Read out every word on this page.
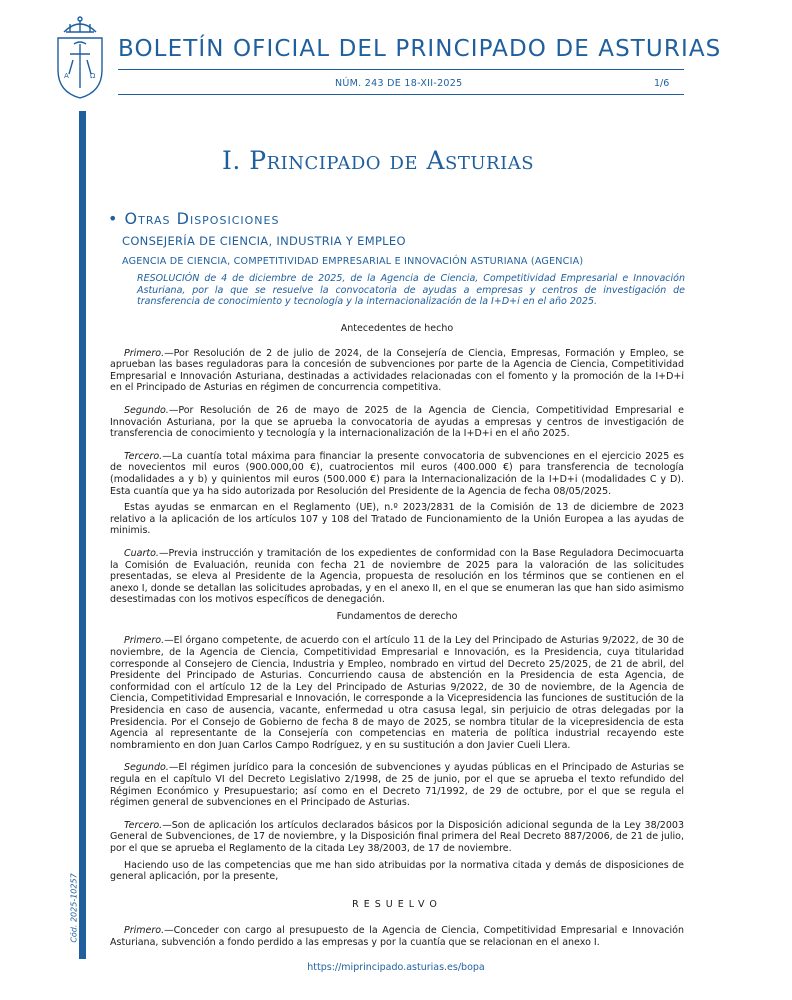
A	Ω
BOLETÍN OFICIAL DEL PRINCIPADO DE ASTURIAS
NÚM. 243 DE 18-XII-2025	1/6
Cód. 2025-10257
I. Principado de Asturias
• Otras Disposiciones
CONSEJERÍA DE CIENCIA, INDUSTRIA Y EMPLEO
AGENCIA DE CIENCIA, COMPETITIVIDAD EMPRESARIAL E INNOVACIÓN ASTURIANA (AGENCIA)

RESOLUCIÓN de 4 de diciembre de 2025, de la Agencia de Ciencia, Competitividad Empresarial e Innovación Asturiana, por la que se resuelve la convocatoria de ayudas a empresas y centros de investigación de transferencia de conocimiento y tecnología y la internacionalización de la I+D+i en el año 2025.

Antecedentes de hecho

Primero.—Por Resolución de 2 de julio de 2024, de la Consejería de Ciencia, Empresas, Formación y Empleo, se aprueban las bases reguladoras para la concesión de subvenciones por parte de la Agencia de Ciencia, Competitividad Empresarial e Innovación Asturiana, destinadas a actividades relacionadas con el fomento y la promoción de la I+D+i en el Principado de Asturias en régimen de concurrencia competitiva.

Segundo.—Por Resolución de 26 de mayo de 2025 de la Agencia de Ciencia, Competitividad Empresarial e Innovación Asturiana, por la que se aprueba la convocatoria de ayudas a empresas y centros de investigación de transferencia de conocimiento y tecnología y la internacionalización de la I+D+i en el año 2025.

Tercero.—La cuantía total máxima para financiar la presente convocatoria de subvenciones en el ejercicio 2025 es de novecientos mil euros (900.000,00 €), cuatrocientos mil euros (400.000 €) para transferencia de tecnología (modalidades a y b) y quinientos mil euros (500.000 €) para la Internacionalización de la I+D+i (modalidades C y D). Esta cuantía que ya ha sido autorizada por Resolución del Presidente de la Agencia de fecha 08/05/2025.

Estas ayudas se enmarcan en el Reglamento (UE), n.º 2023/2831 de la Comisión de 13 de diciembre de 2023 relativo a la aplicación de los artículos 107 y 108 del Tratado de Funcionamiento de la Unión Europea a las ayudas de minimis.

Cuarto.—Previa instrucción y tramitación de los expedientes de conformidad con la Base Reguladora Decimocuarta la Comisión de Evaluación, reunida con fecha 21 de noviembre de 2025 para la valoración de las solicitudes presentadas, se eleva al Presidente de la Agencia, propuesta de resolución en los términos que se contienen en el anexo I, donde se detallan las solicitudes aprobadas, y en el anexo II, en el que se enumeran las que han sido asimismo desestimadas con los motivos específicos de denegación.

Fundamentos de derecho

Primero.—El órgano competente, de acuerdo con el artículo 11 de la Ley del Principado de Asturias 9/2022, de 30 de noviembre, de la Agencia de Ciencia, Competitividad Empresarial e Innovación, es la Presidencia, cuya titularidad corresponde al Consejero de Ciencia, Industria y Empleo, nombrado en virtud del Decreto 25/2025, de 21 de abril, del Presidente del Principado de Asturias. Concurriendo causa de abstención en la Presidencia de esta Agencia, de conformidad con el artículo 12 de la Ley del Principado de Asturias 9/2022, de 30 de noviembre, de la Agencia de Ciencia, Competitividad Empresarial e Innovación, le corresponde a la Vicepresidencia las funciones de sustitución de la Presidencia en caso de ausencia, vacante, enfermedad u otra casusa legal, sin perjuicio de otras delegadas por la Presidencia. Por el Consejo de Gobierno de fecha 8 de mayo de 2025, se nombra titular de la vicepresidencia de esta Agencia al representante de la Consejería con competencias en materia de política industrial recayendo este nombramiento en don Juan Carlos Campo Rodríguez, y en su sustitución a don Javier Cueli Llera.

Segundo.—El régimen jurídico para la concesión de subvenciones y ayudas públicas en el Principado de Asturias se regula en el capítulo VI del Decreto Legislativo 2/1998, de 25 de junio, por el que se aprueba el texto refundido del Régimen Económico y Presupuestario; así como en el Decreto 71/1992, de 29 de octubre, por el que se regula el régimen general de subvenciones en el Principado de Asturias.

Tercero.—Son de aplicación los artículos declarados básicos por la Disposición adicional segunda de la Ley 38/2003 General de Subvenciones, de 17 de noviembre, y la Disposición final primera del Real Decreto 887/2006, de 21 de julio, por el que se aprueba el Reglamento de la citada Ley 38/2003, de 17 de noviembre.

Haciendo uso de las competencias que me han sido atribuidas por la normativa citada y demás de disposiciones de general aplicación, por la presente,

RESUELVO

Primero.—Conceder con cargo al presupuesto de la Agencia de Ciencia, Competitividad Empresarial e Innovación Asturiana, subvención a fondo perdido a las empresas y por la cuantía que se relacionan en el anexo I.

https://miprincipado.asturias.es/bopa
